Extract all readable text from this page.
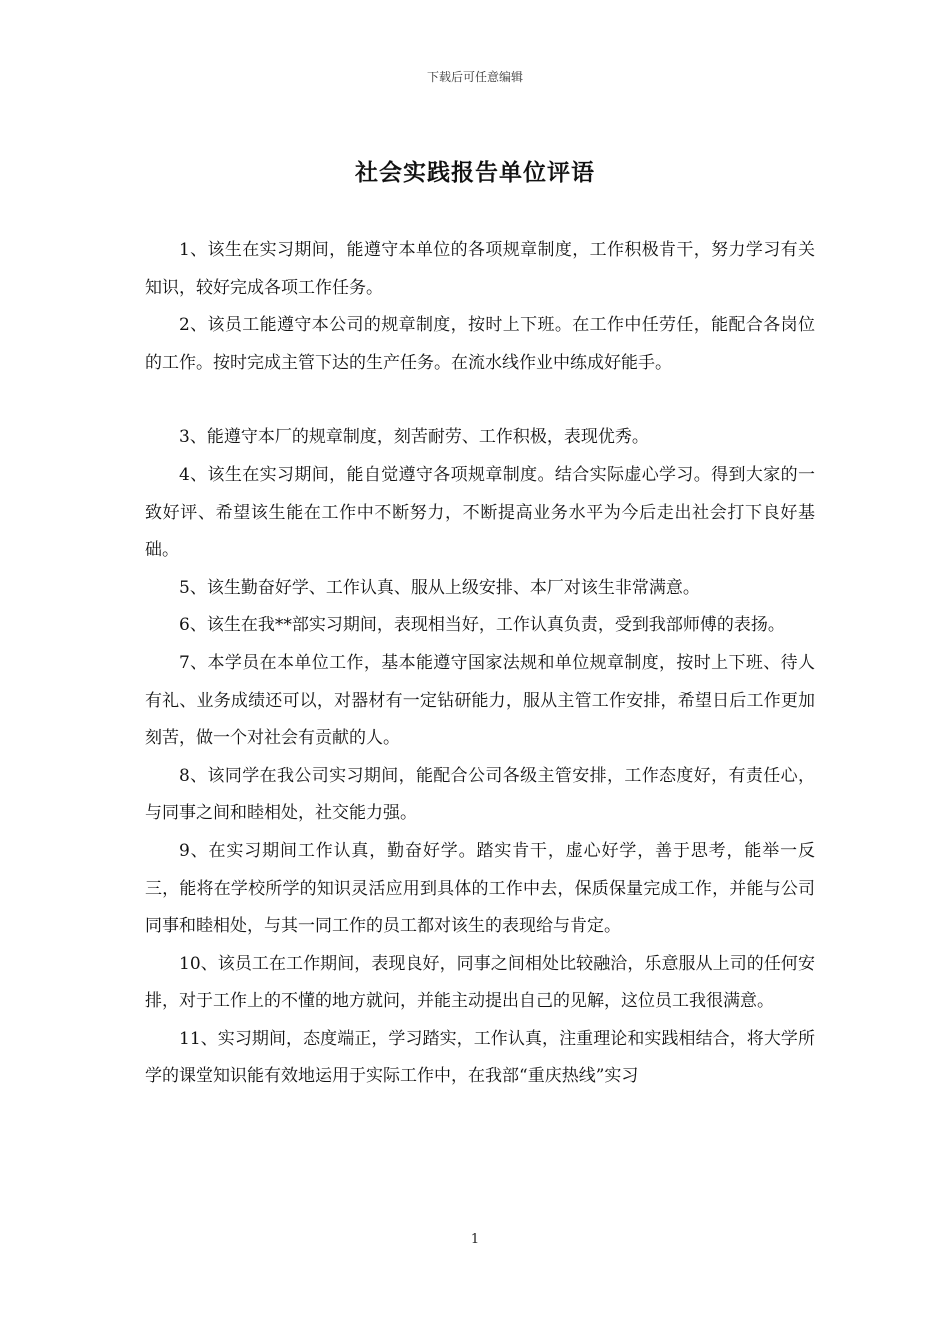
下载后可任意编辑
社会实践报告单位评语

1、该生在实习期间，能遵守本单位的各项规章制度，工作积极肯干，努力学习有关知识，较好完成各项工作任务。

2、该员工能遵守本公司的规章制度，按时上下班。在工作中任劳任，能配合各岗位的工作。按时完成主管下达的生产任务。在流水线作业中练成好能手。

3、能遵守本厂的规章制度，刻苦耐劳、工作积极，表现优秀。

4、该生在实习期间，能自觉遵守各项规章制度。结合实际虚心学习。得到大家的一致好评、希望该生能在工作中不断努力，不断提高业务水平为今后走出社会打下良好基础。

5、该生勤奋好学、工作认真、服从上级安排、本厂对该生非常满意。

6、该生在我**部实习期间，表现相当好，工作认真负责，受到我部师傅的表扬。

7、本学员在本单位工作，基本能遵守国家法规和单位规章制度，按时上下班、待人有礼、业务成绩还可以，对器材有一定钻研能力，服从主管工作安排，希望日后工作更加刻苦，做一个对社会有贡献的人。

8、该同学在我公司实习期间，能配合公司各级主管安排，工作态度好，有责任心，与同事之间和睦相处，社交能力强。

9、在实习期间工作认真，勤奋好学。踏实肯干，虚心好学，善于思考，能举一反三，能将在学校所学的知识灵活应用到具体的工作中去，保质保量完成工作，并能与公司同事和睦相处，与其一同工作的员工都对该生的表现给与肯定。

10、该员工在工作期间，表现良好，同事之间相处比较融洽，乐意服从上司的任何安排，对于工作上的不懂的地方就问，并能主动提出自己的见解，这位员工我很满意。

11、实习期间，态度端正，学习踏实，工作认真，注重理论和实践相结合，将大学所学的课堂知识能有效地运用于实际工作中，在我部“重庆热线”实习

1
